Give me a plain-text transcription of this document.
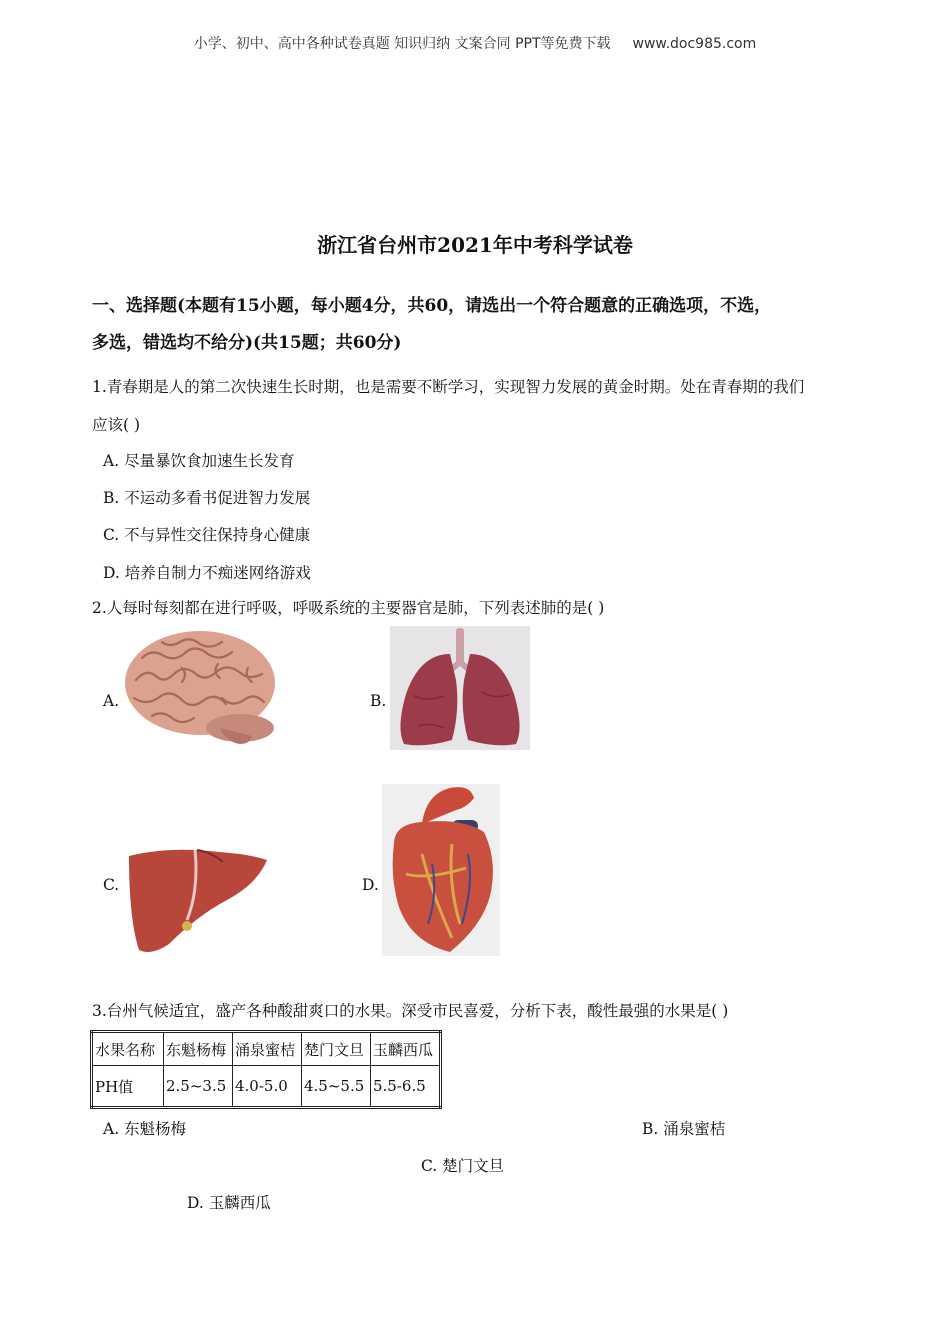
小学、初中、高中各种试卷真题 知识归纳 文案合同 PPT等免费下载 www.doc985.com
浙江省台州市2021年中考科学试卷
一、选择题(本题有15小题，每小题4分，共60，请选出一个符合题意的正确选项，不选，
多选，错选均不给分)(共15题；共60分)
1.青春期是人的第二次快速生长时期，也是需要不断学习，实现智力发展的黄金时期。处在青春期的我们
应该( )
A. 尽量暴饮食加速生长发育
B. 不运动多看书促进智力发展
C. 不与异性交往保持身心健康
D. 培养自制力不痴迷网络游戏
2.人每时每刻都在进行呼吸，呼吸系统的主要器官是肺，下列表述肺的是( )
A.	B.
C.	D.
3.台州气候适宜，盛产各种酸甜爽口的水果。深受市民喜爱，分析下表，酸性最强的水果是( )
水果名称	东魁杨梅	涌泉蜜桔	楚门文旦	玉麟西瓜
PH值	2.5~3.5	4.0-5.0	4.5~5.5	5.5-6.5
A. 东魁杨梅	B. 涌泉蜜桔
C. 楚门文旦
D. 玉麟西瓜
